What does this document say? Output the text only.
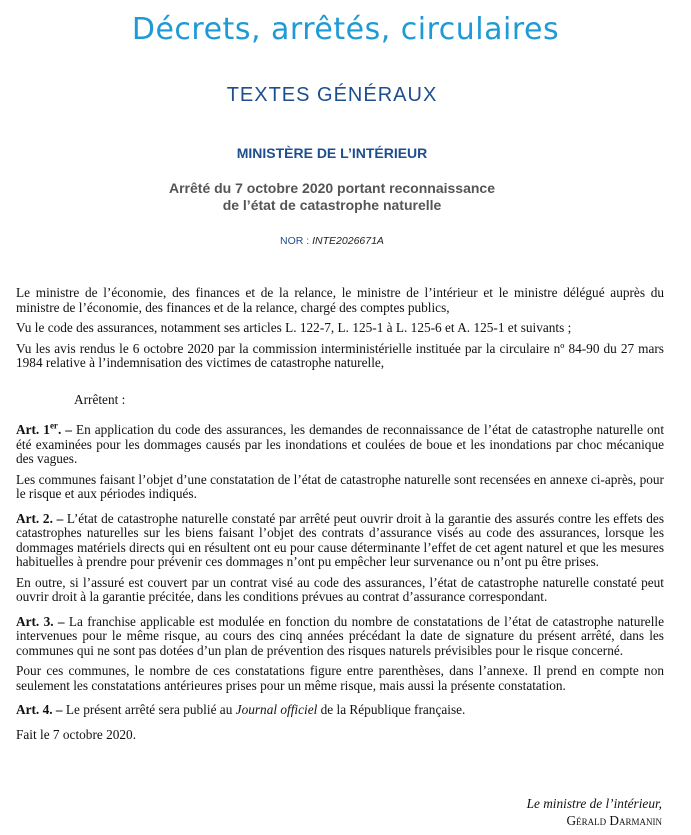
Décrets, arrêtés, circulaires
TEXTES GÉNÉRAUX
MINISTÈRE DE L’INTÉRIEUR
Arrêté du 7 octobre 2020 portant reconnaissance
de l’état de catastrophe naturelle
NOR : INTE2026671A

Le ministre de l’économie, des finances et de la relance, le ministre de l’intérieur et le ministre délégué auprès du ministre de l’économie, des finances et de la relance, chargé des comptes publics,

Vu le code des assurances, notamment ses articles L. 122-7, L. 125-1 à L. 125-6 et A. 125-1 et suivants ;

Vu les avis rendus le 6 octobre 2020 par la commission interministérielle instituée par la circulaire nº 84-90 du 27 mars 1984 relative à l’indemnisation des victimes de catastrophe naturelle,

Arrêtent :

Art. 1er. – En application du code des assurances, les demandes de reconnaissance de l’état de catastrophe naturelle ont été examinées pour les dommages causés par les inondations et coulées de boue et les inondations par choc mécanique des vagues.

Les communes faisant l’objet d’une constatation de l’état de catastrophe naturelle sont recensées en annexe ci-après, pour le risque et aux périodes indiqués.

Art. 2. – L’état de catastrophe naturelle constaté par arrêté peut ouvrir droit à la garantie des assurés contre les effets des catastrophes naturelles sur les biens faisant l’objet des contrats d’assurance visés au code des assurances, lorsque les dommages matériels directs qui en résultent ont eu pour cause déterminante l’effet de cet agent naturel et que les mesures habituelles à prendre pour prévenir ces dommages n’ont pu empêcher leur survenance ou n’ont pu être prises.

En outre, si l’assuré est couvert par un contrat visé au code des assurances, l’état de catastrophe naturelle constaté peut ouvrir droit à la garantie précitée, dans les conditions prévues au contrat d’assurance correspondant.

Art. 3. – La franchise applicable est modulée en fonction du nombre de constatations de l’état de catastrophe naturelle intervenues pour le même risque, au cours des cinq années précédant la date de signature du présent arrêté, dans les communes qui ne sont pas dotées d’un plan de prévention des risques naturels prévisibles pour le risque concerné.

Pour ces communes, le nombre de ces constatations figure entre parenthèses, dans l’annexe. Il prend en compte non seulement les constatations antérieures prises pour un même risque, mais aussi la présente constatation.

Art. 4. – Le présent arrêté sera publié au Journal officiel de la République française.

Fait le 7 octobre 2020.

Le ministre de l’intérieur,
Gérald Darmanin
